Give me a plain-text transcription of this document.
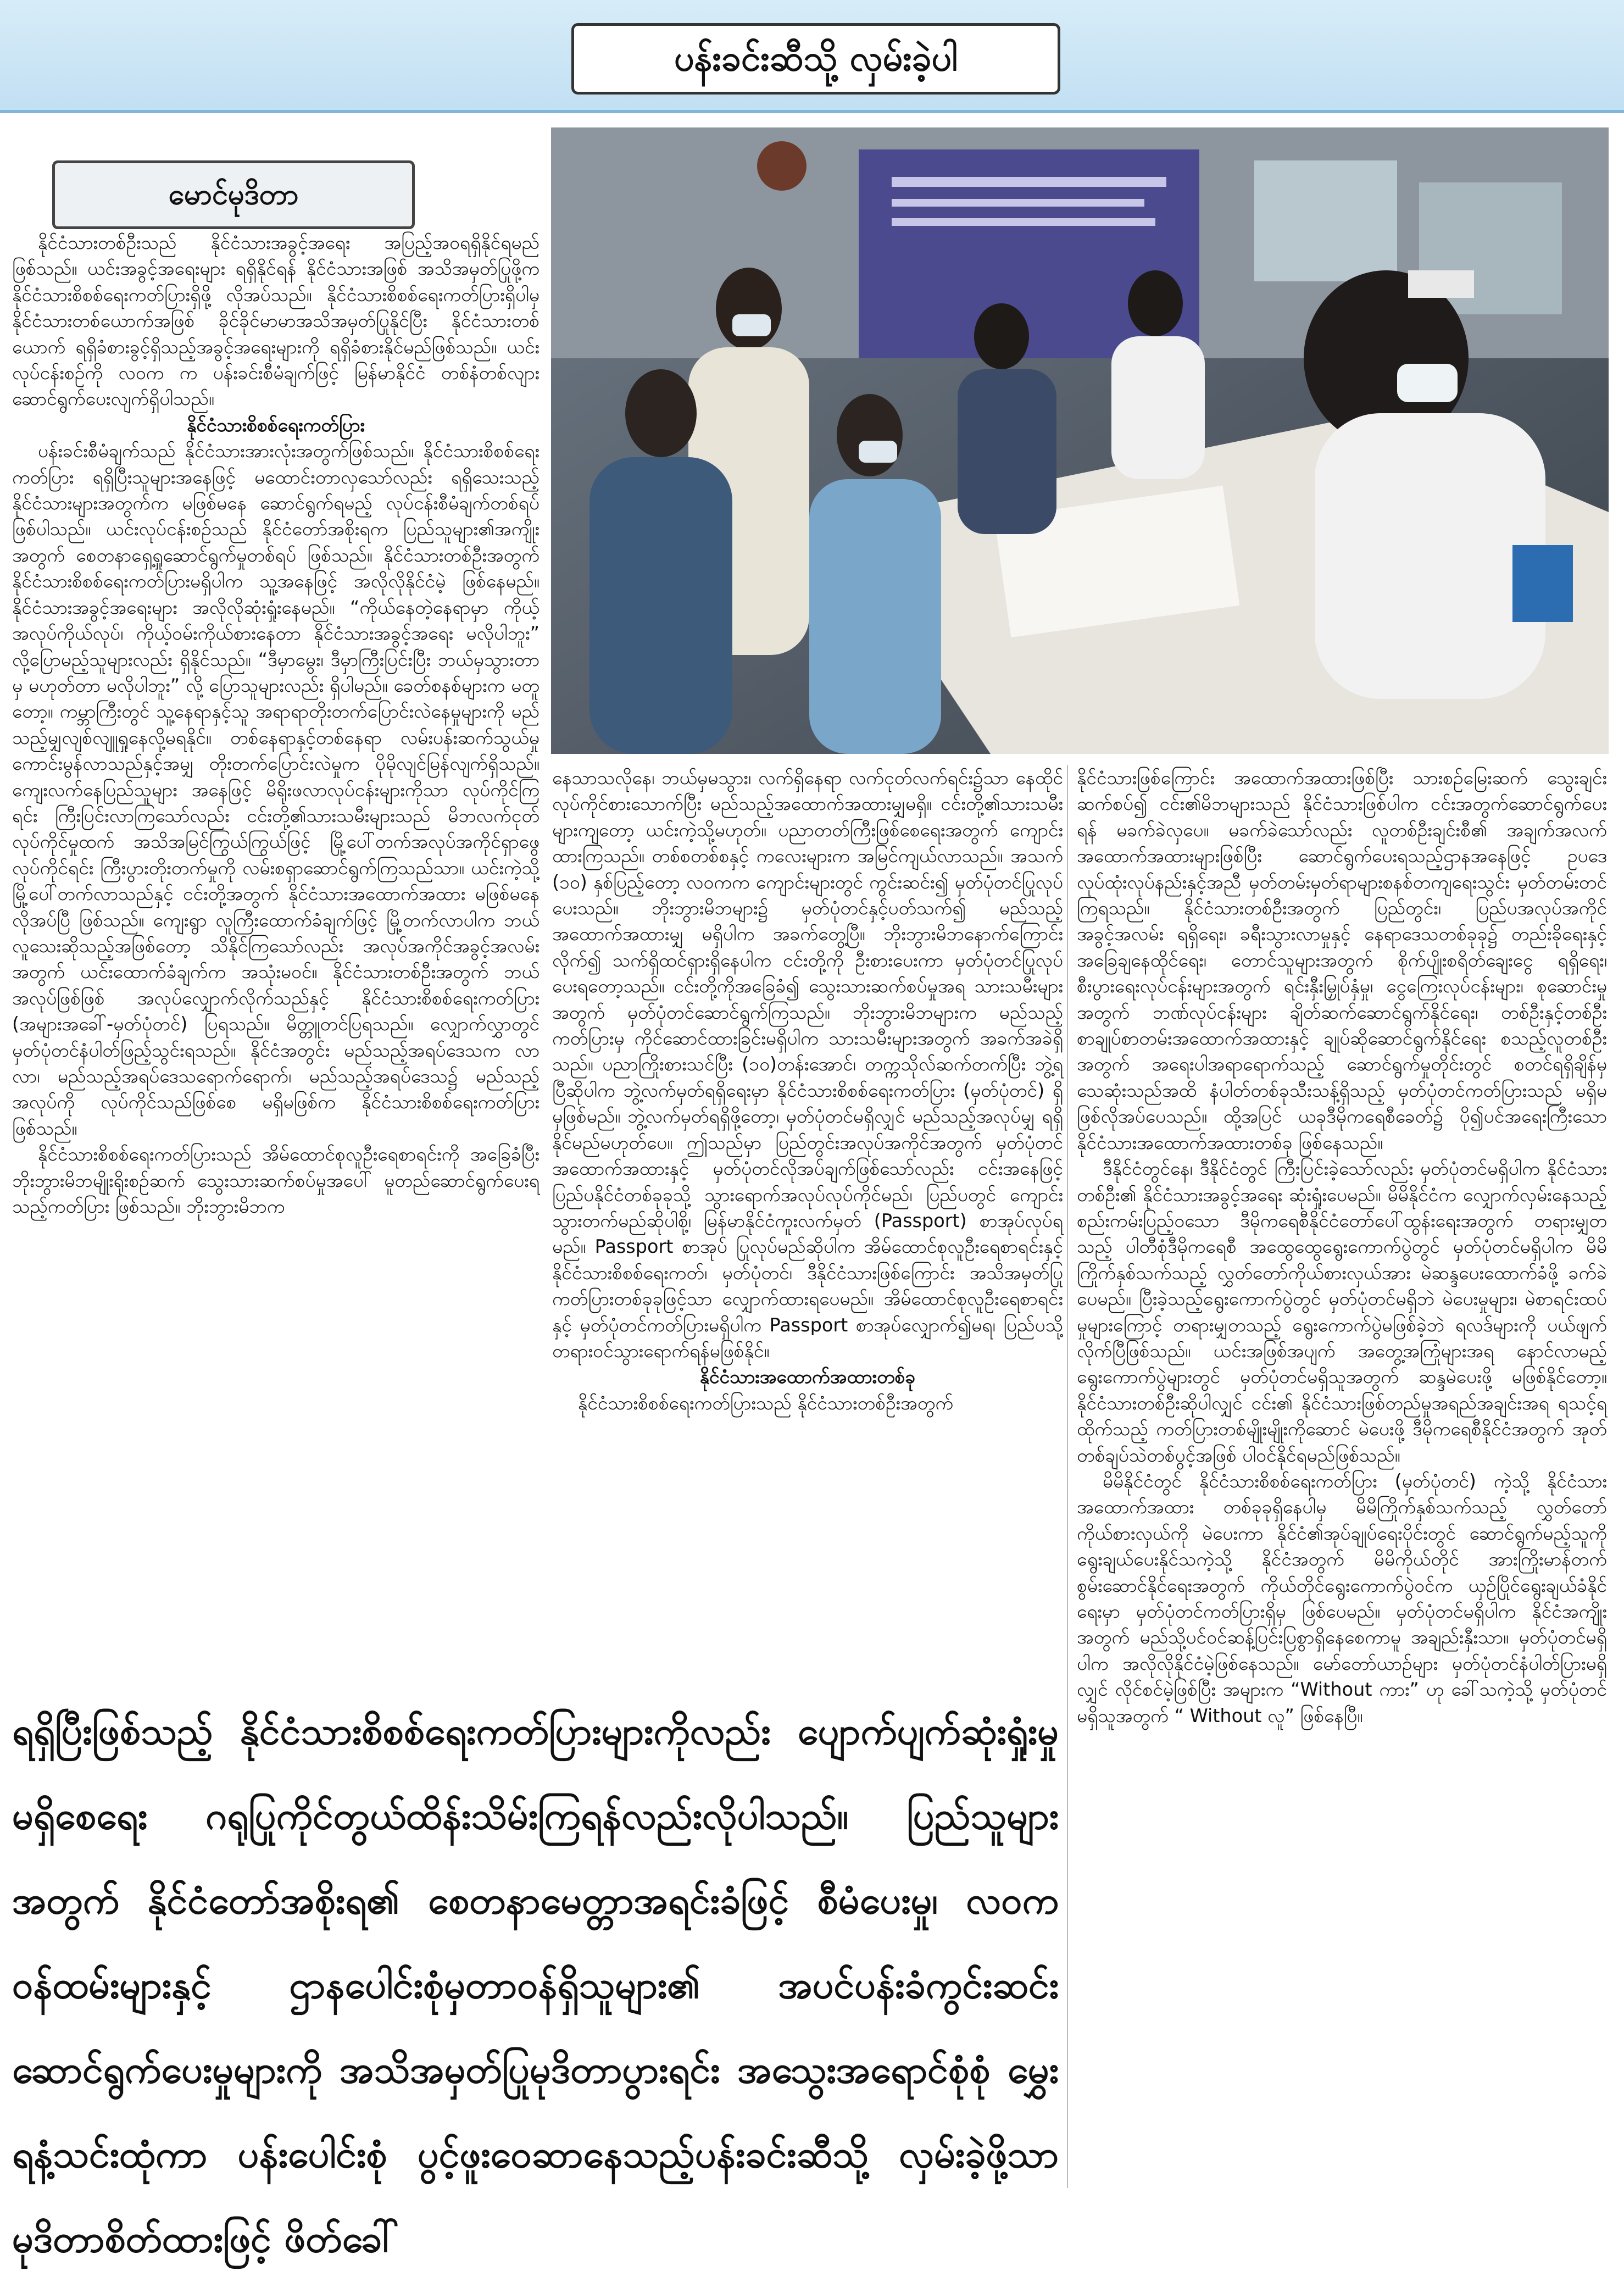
ပန်းခင်းဆီသို့ လှမ်းခဲ့ပါ
မောင်မုဒိတာ

နိုင်ငံသားတစ်ဦးသည် နိုင်ငံသားအခွင့်အရေး အပြည့်အဝရရှိနိုင်ရမည် ဖြစ်သည်။ ယင်းအခွင့်အရေးများ ရရှိနိုင်ရန် နိုင်ငံသားအဖြစ် အသိအမှတ်ပြုဖို့က နိုင်ငံသားစိစစ်ရေးကတ်ပြားရှိဖို့ လိုအပ်သည်။ နိုင်ငံသားစိစစ်ရေးကတ်ပြားရှိပါမှ နိုင်ငံသားတစ်ယောက်အဖြစ် ခိုင်ခိုင်မာမာအသိအမှတ်ပြုနိုင်ပြီး နိုင်ငံသားတစ်ယောက် ရရှိခံစားခွင့်ရှိသည့်အခွင့်အရေးများကို ရရှိခံစားနိုင်မည်ဖြစ်သည်။ ယင်းလုပ်ငန်းစဉ်ကို လဝက က ပန်းခင်းစီမံချက်ဖြင့် မြန်မာနိုင်ငံ တစ်နံတစ်လျား ဆောင်ရွက်ပေးလျက်ရှိပါသည်။

နိုင်ငံသားစိစစ်ရေးကတ်ပြား

ပန်းခင်းစီမံချက်သည် နိုင်ငံသားအားလုံးအတွက်ဖြစ်သည်။ နိုင်ငံသားစိစစ်ရေးကတ်ပြား ရရှိပြီးသူများအနေဖြင့် မထောင်းတာလှသော်လည်း ရရှိသေးသည့် နိုင်ငံသားများအတွက်က မဖြစ်မနေ ဆောင်ရွက်ရမည့် လုပ်ငန်းစီမံချက်တစ်ရပ်ဖြစ်ပါသည်။ ယင်းလုပ်ငန်းစဉ်သည် နိုင်ငံတော်အစိုးရက ပြည်သူများ၏အကျိုးအတွက် စေတနာရှေ့ရှုဆောင်ရွက်မှုတစ်ရပ် ဖြစ်သည်။ နိုင်ငံသားတစ်ဦးအတွက် နိုင်ငံသားစိစစ်ရေးကတ်ပြားမရှိပါက သူ့အနေဖြင့် အလိုလိုနိုင်ငံမဲ့ ဖြစ်နေမည်။ နိုင်ငံသားအခွင့်အရေးများ အလိုလိုဆုံးရှုံးနေမည်။ “ကိုယ်နေတဲ့နေရာမှာ ကိုယ့်အလုပ်ကိုယ်လုပ်၊ ကိုယ့်ဝမ်းကိုယ်စားနေတာ နိုင်ငံသားအခွင့်အရေး မလိုပါဘူး” လို့ပြောမည့်သူများလည်း ရှိနိုင်သည်။ “ဒီမှာမွေး၊ ဒီမှာကြီးပြင်းပြီး ဘယ်မှသွားတာမှ မဟုတ်တာ မလိုပါဘူး” လို့ ပြောသူများလည်း ရှိပါမည်။ ခေတ်စနစ်များက မတူတော့။ ကမ္ဘာကြီးတွင် သူ့နေရာနှင့်သူ အရာရာတိုးတက်ပြောင်းလဲနေမှုများကို မည်သည့်မျှလျစ်လျူရှုနေလို့မရနိုင်။ တစ်နေရာနှင့်တစ်နေရာ လမ်းပန်းဆက်သွယ်မှု ကောင်းမွန်လာသည်နှင့်အမျှ တိုးတက်ပြောင်းလဲမှုက ပိုမိုလျင်မြန်လျက်ရှိသည်။ ကျေးလက်နေပြည်သူများ အနေဖြင့် မိရိုးဖလာလုပ်ငန်းများကိုသာ လုပ်ကိုင်ကြရင်း ကြီးပြင်းလာကြသော်လည်း ငင်းတို့၏သားသမီးများသည် မိဘလက်ငုတ်လုပ်ကိုင်မှုထက် အသိအမြင်ကြွယ်ကြွယ်ဖြင့် မြို့ပေါ်တက်အလုပ်အကိုင်ရှာဖွေလုပ်ကိုင်ရင်း ကြီးပွားတိုးတက်မှုကို လမ်းစရှာဆောင်ရွက်ကြသည်သာ။ ယင်းကဲ့သို့ မြို့ပေါ်တက်လာသည်နှင့် ငင်းတို့အတွက် နိုင်ငံသားအထောက်အထား မဖြစ်မနေလိုအပ်ပြီ ဖြစ်သည်။ ကျေးရွာ လူကြီးထောက်ခံချက်ဖြင့် မြို့တက်လာပါက ဘယ်လူသေးဆိုသည့်အဖြစ်တော့ သိနိုင်ကြသော်လည်း အလုပ်အကိုင်အခွင့်အလမ်းအတွက် ယင်းထောက်ခံချက်က အသုံးမဝင်။ နိုင်ငံသားတစ်ဦးအတွက် ဘယ်အလုပ်ဖြစ်ဖြစ် အလုပ်လျှောက်လိုက်သည်နှင့် နိုင်ငံသားစိစစ်ရေးကတ်ပြား (အများအခေါ်-မှတ်ပုံတင်) ပြရသည်။ မိတ္တူတင်ပြရသည်။ လျှောက်လွှာတွင် မှတ်ပုံတင်နံပါတ်ဖြည့်သွင်းရသည်။ နိုင်ငံအတွင်း မည်သည့်အရပ်ဒေသက လာလာ၊ မည်သည့်အရပ်ဒေသရောက်ရောက်၊ မည်သည့်အရပ်ဒေသ၌ မည်သည့်အလုပ်ကို လုပ်ကိုင်သည်ဖြစ်စေ မရှိမဖြစ်က နိုင်ငံသားစိစစ်ရေးကတ်ပြားဖြစ်သည်။

နိုင်ငံသားစိစစ်ရေးကတ်ပြားသည် အိမ်ထောင်စုလူဦးရေစာရင်းကို အခြေခံပြီး ဘိုးဘွားမိဘမျိုးရိုးစဉ်ဆက် သွေးသားဆက်စပ်မှုအပေါ် မူတည်ဆောင်ရွက်ပေးရသည့်ကတ်ပြား ဖြစ်သည်။ ဘိုးဘွားမိဘက

နေသာသလိုနေ၊ ဘယ်မှမသွား၊ လက်ရှိနေရာ လက်ငုတ်လက်ရင်း၌သာ နေထိုင်လုပ်ကိုင်စားသောက်ပြီး မည်သည့်အထောက်အထားမျှမရှိ။ ငင်းတို့၏သားသမီးများကျတော့ ယင်းကဲ့သို့မဟုတ်။ ပညာတတ်ကြီးဖြစ်စေရေးအတွက် ကျောင်းထားကြသည်။ တစ်စတစ်စနှင့် ကလေးများက အမြင်ကျယ်လာသည်။ အသက် (၁၀) နှစ်ပြည့်တော့ လဝကက ကျောင်းများတွင် ကွင်းဆင်း၍ မှတ်ပုံတင်ပြုလုပ်ပေးသည်။ ဘိုးဘွားမိဘများ၌ မှတ်ပုံတင်နှင့်ပတ်သက်၍ မည်သည့်အထောက်အထားမျှ မရှိပါက အခက်တွေ့ပြီ။ ဘိုးဘွားမိဘနောက်ကြောင်းလိုက်၍ သက်ရှိထင်ရှားရှိနေပါက ငင်းတို့ကို ဦးစားပေးကာ မှတ်ပုံတင်ပြုလုပ်ပေးရတော့သည်။ ငင်းတို့ကိုအခြေခံ၍ သွေးသားဆက်စပ်မှုအရ သားသမီးများအတွက် မှတ်ပုံတင်ဆောင်ရွက်ကြသည်။ ဘိုးဘွားမိဘများက မည်သည့်ကတ်ပြားမှ ကိုင်ဆောင်ထားခြင်းမရှိပါက သားသမီးများအတွက် အခက်အခဲရှိသည်။ ပညာကြိုးစားသင်ပြီး (၁၀)တန်းအောင်၊ တက္ကသိုလ်ဆက်တက်ပြီး ဘွဲ့ရပြီဆိုပါက ဘွဲ့လက်မှတ်ရရှိရေးမှာ နိုင်ငံသားစိစစ်ရေးကတ်ပြား (မှတ်ပုံတင်) ရှိမှဖြစ်မည်။ ဘွဲ့လက်မှတ်ရရှိဖို့တော့၊ မှတ်ပုံတင်မရှိလျှင် မည်သည့်အလုပ်မျှ ရရှိနိုင်မည်မဟုတ်ပေ။ ဤသည်မှာ ပြည်တွင်းအလုပ်အကိုင်အတွက် မှတ်ပုံတင်အထောက်အထားနှင့် မှတ်ပုံတင်လိုအပ်ချက်ဖြစ်သော်လည်း ငင်းအနေဖြင့် ပြည်ပနိုင်ငံတစ်ခုခုသို့ သွားရောက်အလုပ်လုပ်ကိုင်မည်၊ ပြည်ပတွင် ကျောင်းသွားတက်မည်ဆိုပါစို့၊ မြန်မာနိုင်ငံကူးလက်မှတ် (Passport) စာအုပ်လုပ်ရမည်။ Passport စာအုပ် ပြုလုပ်မည်ဆိုပါက အိမ်ထောင်စုလူဦးရေစာရင်းနှင့် နိုင်ငံသားစိစစ်ရေးကတ်၊ မှတ်ပုံတင်၊ ဒီနိုင်ငံသားဖြစ်ကြောင်း အသိအမှတ်ပြုကတ်ပြားတစ်ခုခုဖြင့်သာ လျှောက်ထားရပေမည်။ အိမ်ထောင်စုလူဦးရေစာရင်းနှင့် မှတ်ပုံတင်ကတ်ပြားမရှိပါက Passport စာအုပ်လျှောက်၍မရ၊ ပြည်ပသို့ တရားဝင်သွားရောက်ရန်မဖြစ်နိုင်။

နိုင်ငံသားအထောက်အထားတစ်ခု

နိုင်ငံသားစိစစ်ရေးကတ်ပြားသည် နိုင်ငံသားတစ်ဦးအတွက်

နိုင်ငံသားဖြစ်ကြောင်း အထောက်အထားဖြစ်ပြီး သားစဉ်မြေးဆက် သွေးချင်းဆက်စပ်၍ ငင်း၏မိဘများသည် နိုင်ငံသားဖြစ်ပါက ငင်းအတွက်ဆောင်ရွက်ပေးရန် မခက်ခဲလှပေ။ မခက်ခဲသော်လည်း လူတစ်ဦးချင်းစီ၏ အချက်အလက်အထောက်အထားများဖြစ်ပြီး ဆောင်ရွက်ပေးရသည့်ဌာနအနေဖြင့် ဥပဒေလုပ်ထုံးလုပ်နည်းနှင့်အညီ မှတ်တမ်းမှတ်ရာများစနစ်တကျရေးသွင်း မှတ်တမ်းတင်ကြရသည်။ နိုင်ငံသားတစ်ဦးအတွက် ပြည်တွင်း၊ ပြည်ပအလုပ်အကိုင်အခွင့်အလမ်း ရရှိရေး၊ ခရီးသွားလာမှုနှင့် နေရာဒေသတစ်ခုခု၌ တည်းခိုရေးနှင့် အခြေချနေထိုင်ရေး၊ တောင်သူများအတွက် စိုက်ပျိုးစရိတ်ချေးငွေ ရရှိရေး၊ စီးပွားရေးလုပ်ငန်းများအတွက် ရင်းနှီးမြှုပ်နှံမှု၊ ငွေကြေးလုပ်ငန်းများ၊ စုဆောင်းမှုအတွက် ဘဏ်လုပ်ငန်းများ ချိတ်ဆက်ဆောင်ရွက်နိုင်ရေး၊ တစ်ဦးနှင့်တစ်ဦး စာချုပ်စာတမ်းအထောက်အထားနှင့် ချုပ်ဆိုဆောင်ရွက်နိုင်ရေး စသည့်လူတစ်ဦးအတွက် အရေးပါအရာရောက်သည့် ဆောင်ရွက်မှုတိုင်းတွင် စတင်ရရှိချိန်မှ သေဆုံးသည်အထိ နံပါတ်တစ်ခုသီးသန့်ရှိသည့် မှတ်ပုံတင်ကတ်ပြားသည် မရှိမဖြစ်လိုအပ်ပေသည်။ ထို့အပြင် ယခုဒီမိုကရေစီခေတ်၌ ပို၍ပင်အရေးကြီးသော နိုင်ငံသားအထောက်အထားတစ်ခု ဖြစ်နေသည်။

ဒီနိုင်ငံတွင်နေ၊ ဒီနိုင်ငံတွင် ကြီးပြင်းခဲ့သော်လည်း မှတ်ပုံတင်မရှိပါက နိုင်ငံသားတစ်ဦး၏ နိုင်ငံသားအခွင့်အရေး ဆုံးရှုံးပေမည်။ မိမိနိုင်ငံက လျှောက်လှမ်းနေသည့် စည်းကမ်းပြည့်ဝသော ဒီမိုကရေစီနိုင်ငံတော်ပေါ်ထွန်းရေးအတွက် တရားမျှတသည့် ပါတီစုံဒီမိုကရေစီ အထွေထွေရွေးကောက်ပွဲတွင် မှတ်ပုံတင်မရှိပါက မိမိကြိုက်နှစ်သက်သည့် လွှတ်တော်ကိုယ်စားလှယ်အား မဲဆန္ဒပေးထောက်ခံဖို့ ခက်ခဲပေမည်။ ပြီးခဲ့သည့်ရွေးကောက်ပွဲတွင် မှတ်ပုံတင်မရှိဘဲ မဲပေးမှုများ၊ မဲစာရင်းထပ်မှုများကြောင့် တရားမျှတသည့် ရွေးကောက်ပွဲမဖြစ်ခဲ့ဘဲ ရလဒ်များကို ပယ်ဖျက်လိုက်ပြီဖြစ်သည်။ ယင်းအဖြစ်အပျက် အတွေ့အကြုံများအရ နောင်လာမည့်ရွေးကောက်ပွဲများတွင် မှတ်ပုံတင်မရှိသူအတွက် ဆန္ဒမဲပေးဖို့ မဖြစ်နိုင်တော့။ နိုင်ငံသားတစ်ဦးဆိုပါလျှင် ငင်း၏ နိုင်ငံသားဖြစ်တည်မှုအရည်အချင်းအရ ရသင့်ရထိုက်သည့် ကတ်ပြားတစ်မျိုးမျိုးကိုဆောင် မဲပေးဖို့ ဒီမိုကရေစီနိုင်ငံအတွက် အုတ်တစ်ချပ်သဲတစ်ပွင့်အဖြစ် ပါဝင်နိုင်ရမည်ဖြစ်သည်။

မိမိနိုင်ငံတွင် နိုင်ငံသားစိစစ်ရေးကတ်ပြား (မှတ်ပုံတင်) ကဲ့သို့ နိုင်ငံသားအထောက်အထား တစ်ခုခုရှိနေပါမှ မိမိကြိုက်နှစ်သက်သည့် လွှတ်တော်ကိုယ်စားလှယ်ကို မဲပေးကာ နိုင်ငံ၏အုပ်ချုပ်ရေးပိုင်းတွင် ဆောင်ရွက်မည့်သူကို ရွေးချယ်ပေးနိုင်သကဲ့သို့ နိုင်ငံအတွက် မိမိကိုယ်တိုင် အားကြိုးမာန်တက် စွမ်းဆောင်နိုင်ရေးအတွက် ကိုယ်တိုင်ရွေးကောက်ပွဲဝင်က ယှဉ်ပြိုင်ရွေးချယ်ခံနိုင်ရေးမှာ မှတ်ပုံတင်ကတ်ပြားရှိမှ ဖြစ်ပေမည်။ မှတ်ပုံတင်မရှိပါက နိုင်ငံအကျိုးအတွက် မည်သို့ပင်ဝင်ဆန့်ပြင်းပြစွာရှိနေစေကာမူ အချည်းနှီးသာ။ မှတ်ပုံတင်မရှိပါက အလိုလိုနိုင်ငံမဲ့ဖြစ်နေသည်။ မော်တော်ယာဉ်များ မှတ်ပုံတင်နံပါတ်ပြားမရှိလျှင် လိုင်စင်မဲ့ဖြစ်ပြီး အများက “Without ကား” ဟု ခေါ်သကဲ့သို့ မှတ်ပုံတင်မရှိသူအတွက် “ Without လူ” ဖြစ်နေပြီ။

ရရှိပြီးဖြစ်သည့် နိုင်ငံသားစိစစ်ရေးကတ်ပြားများကိုလည်း ပျောက်ပျက်ဆုံးရှုံးမှု မရှိစေရေး ဂရုပြုကိုင်တွယ်ထိန်းသိမ်းကြရန်လည်းလိုပါသည်။ ပြည်သူများအတွက် နိုင်ငံတော်အစိုးရ၏ စေတနာမေတ္တာအရင်းခံဖြင့် စီမံပေးမှု၊ လဝကဝန်ထမ်းများနှင့် ဌာနပေါင်းစုံမှတာဝန်ရှိသူများ၏ အပင်ပန်းခံကွင်းဆင်းဆောင်ရွက်ပေးမှုများကို အသိအမှတ်ပြုမုဒိတာပွားရင်း အသွေးအရောင်စုံစုံ မွှေးရနံ့သင်းထုံကာ ပန်းပေါင်းစုံ ပွင့်ဖူးဝေဆာနေသည့်ပန်းခင်းဆီသို့ လှမ်းခဲ့ဖို့သာ မုဒိတာစိတ်ထားဖြင့် ဖိတ်ခေါ်
